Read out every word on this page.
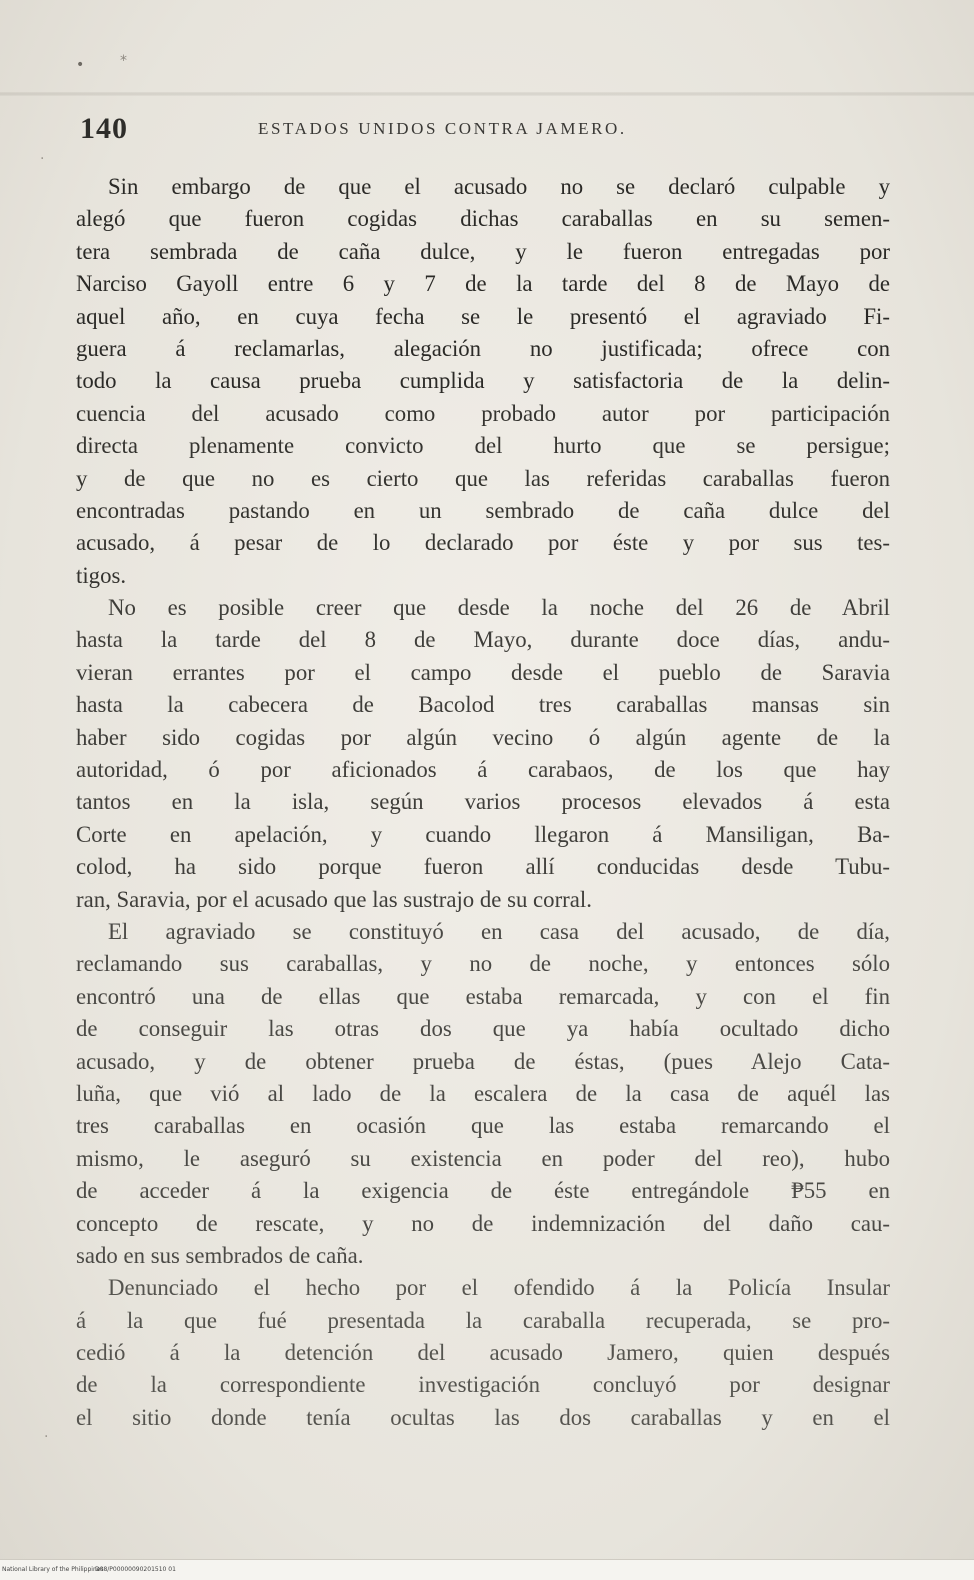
•	*
·
·
140	ESTADOS UNIDOS CONTRA JAMERO.
Sin embargo de que el acusado no se declaró culpable y
alegó que fueron cogidas dichas caraballas en su semen-
tera sembrada de caña dulce, y le fueron entregadas por
Narciso Gayoll entre 6 y 7 de la tarde del 8 de Mayo de
aquel año, en cuya fecha se le presentó el agraviado Fi-
guera á reclamarlas, alegación no justificada; ofrece con
todo la causa prueba cumplida y satisfactoria de la delin-
cuencia del acusado como probado autor por participación
directa plenamente convicto del hurto que se persigue;
y de que no es cierto que las referidas caraballas fueron
encontradas pastando en un sembrado de caña dulce del
acusado, á pesar de lo declarado por éste y por sus tes-
tigos.
No es posible creer que desde la noche del 26 de Abril
hasta la tarde del 8 de Mayo, durante doce días, andu-
vieran errantes por el campo desde el pueblo de Saravia
hasta la cabecera de Bacolod tres caraballas mansas sin
haber sido cogidas por algún vecino ó algún agente de la
autoridad, ó por aficionados á carabaos, de los que hay
tantos en la isla, según varios procesos elevados á esta
Corte en apelación, y cuando llegaron á Mansiligan, Ba-
colod, ha sido porque fueron allí conducidas desde Tubu-
ran, Saravia, por el acusado que las sustrajo de su corral.
El agraviado se constituyó en casa del acusado, de día,
reclamando sus caraballas, y no de noche, y entonces sólo
encontró una de ellas que estaba remarcada, y con el fin
de conseguir las otras dos que ya había ocultado dicho
acusado, y de obtener prueba de éstas, (pues Alejo Cata-
luña, que vió al lado de la escalera de la casa de aquél las
tres caraballas en ocasión que las estaba remarcando el
mismo, le aseguró su existencia en poder del reo), hubo
de acceder á la exigencia de éste entregándole ₱55 en
concepto de rescate, y no de indemnización del daño cau-
sado en sus sembrados de caña.
Denunciado el hecho por el ofendido á la Policía Insular
á la que fué presentada la caraballa recuperada, se pro-
cedió á la detención del acusado Jamero, quien después
de la correspondiente investigación concluyó por designar
el sitio donde tenía ocultas las dos caraballas y en el
National Library of the Philippines
D08/P00000090201510 01
